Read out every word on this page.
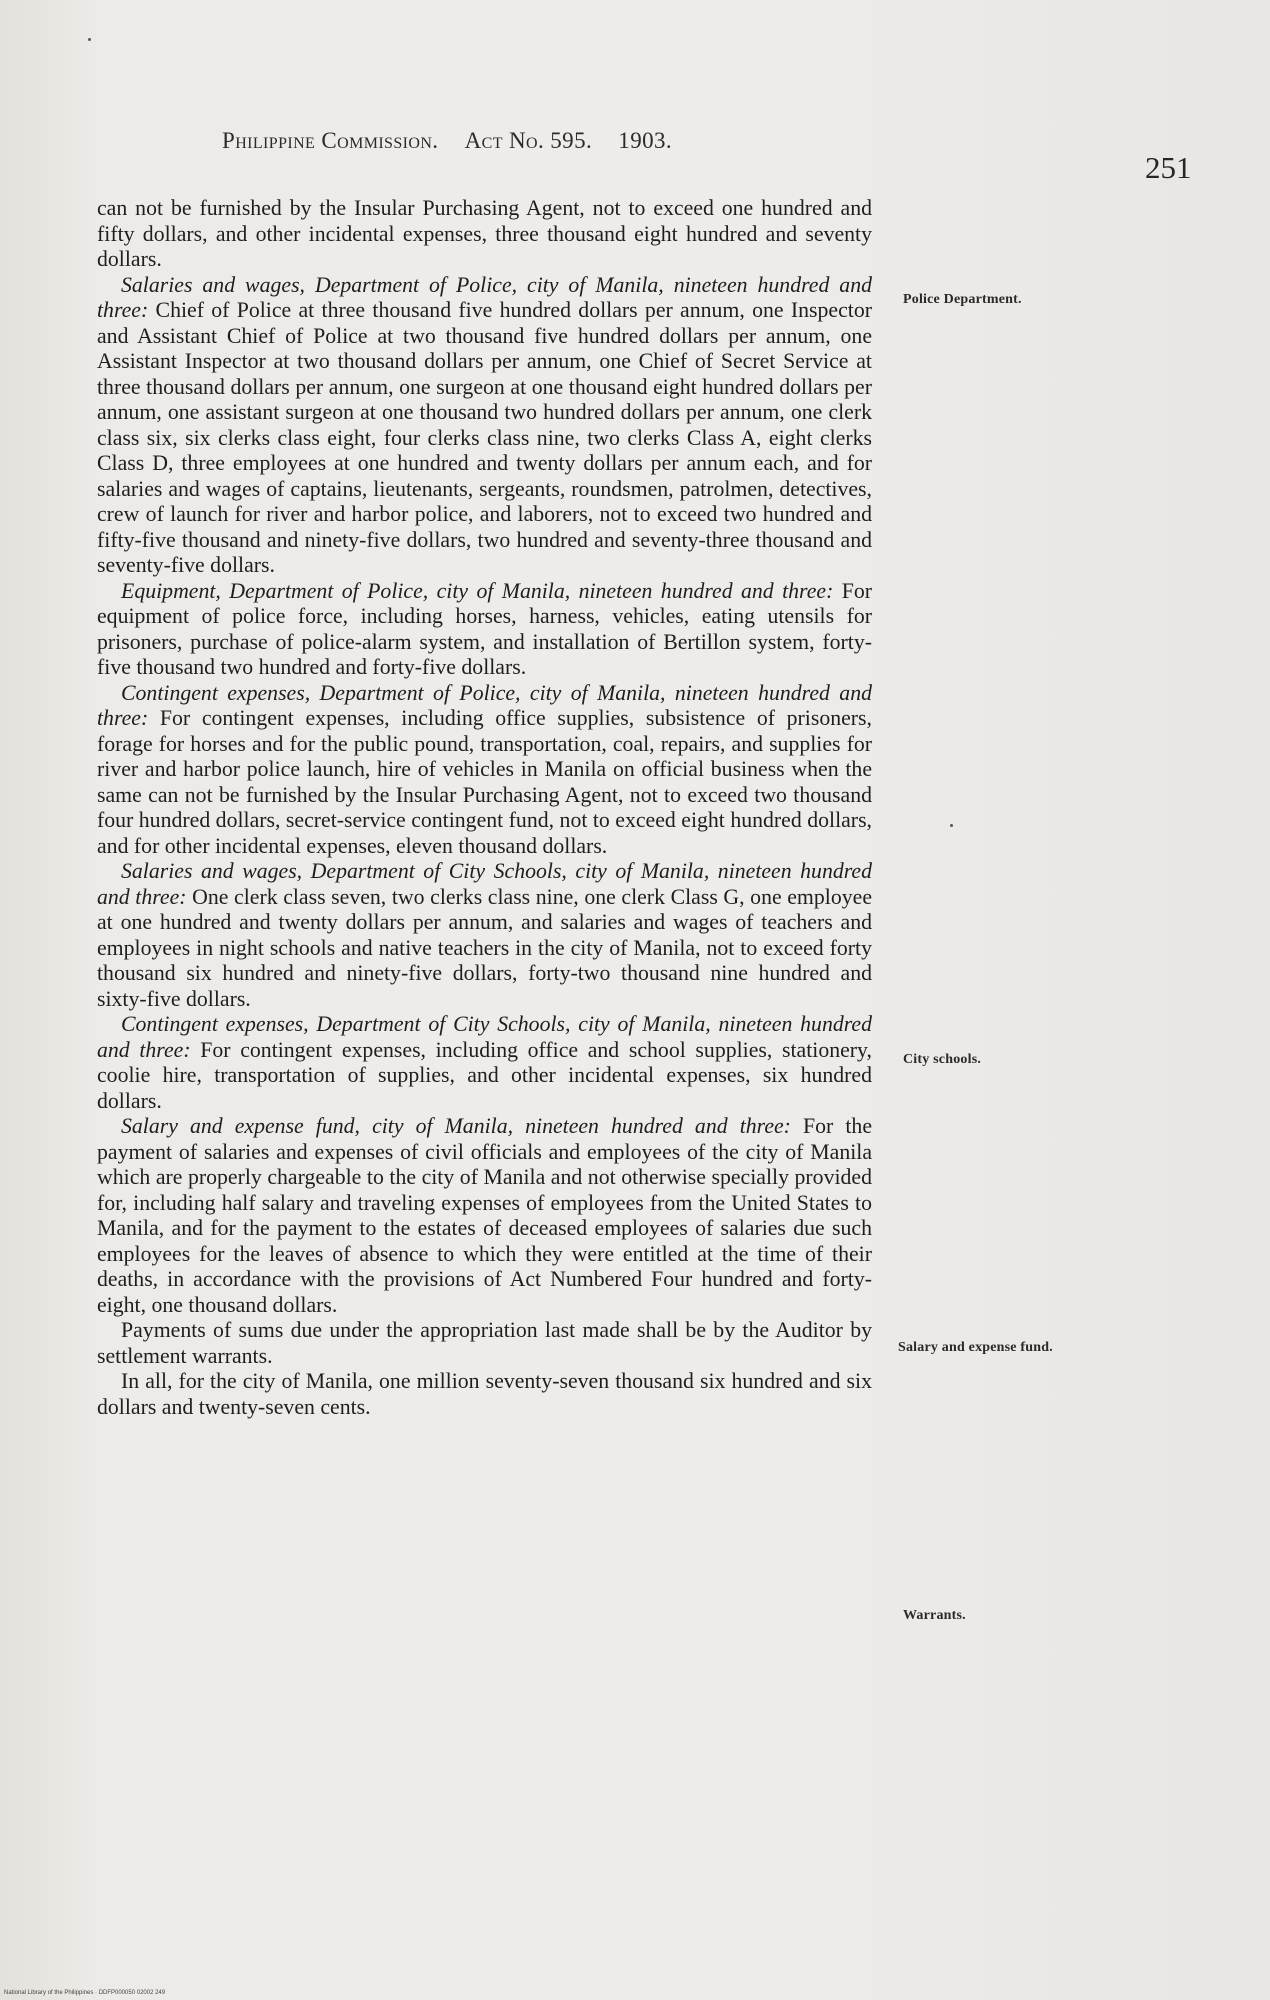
Philippine Commission. Act No. 595. 1903.
251

can not be furnished by the Insular Purchasing Agent, not to exceed one hundred and fifty dollars, and other incidental expenses, three thousand eight hundred and seventy dollars.

Salaries and wages, Department of Police, city of Manila, nineteen hundred and three: Chief of Police at three thousand five hundred dollars per annum, one Inspector and Assistant Chief of Police at two thousand five hundred dollars per annum, one Assistant Inspector at two thousand dollars per annum, one Chief of Secret Service at three thousand dollars per annum, one surgeon at one thousand eight hundred dollars per annum, one assistant surgeon at one thousand two hundred dollars per annum, one clerk class six, six clerks class eight, four clerks class nine, two clerks Class A, eight clerks Class D, three employees at one hundred and twenty dollars per annum each, and for salaries and wages of captains, lieutenants, sergeants, roundsmen, patrolmen, detectives, crew of launch for river and harbor police, and laborers, not to exceed two hundred and fifty-five thousand and ninety-five dollars, two hundred and seventy-three thousand and seventy-five dollars.

Equipment, Department of Police, city of Manila, nineteen hundred and three: For equipment of police force, including horses, harness, vehicles, eating utensils for prisoners, purchase of police-alarm system, and installation of Bertillon system, forty-five thousand two hundred and forty-five dollars.

Contingent expenses, Department of Police, city of Manila, nineteen hundred and three: For contingent expenses, including office supplies, subsistence of prisoners, forage for horses and for the public pound, transportation, coal, repairs, and supplies for river and harbor police launch, hire of vehicles in Manila on official business when the same can not be furnished by the Insular Purchasing Agent, not to exceed two thousand four hundred dollars, secret-service contingent fund, not to exceed eight hundred dollars, and for other incidental expenses, eleven thousand dollars.

Salaries and wages, Department of City Schools, city of Manila, nineteen hundred and three: One clerk class seven, two clerks class nine, one clerk Class G, one employee at one hundred and twenty dollars per annum, and salaries and wages of teachers and employees in night schools and native teachers in the city of Manila, not to exceed forty thousand six hundred and ninety-five dollars, forty-two thousand nine hundred and sixty-five dollars.

Contingent expenses, Department of City Schools, city of Manila, nineteen hundred and three: For contingent expenses, including office and school supplies, stationery, coolie hire, transportation of supplies, and other incidental expenses, six hundred dollars.

Salary and expense fund, city of Manila, nineteen hundred and three: For the payment of salaries and expenses of civil officials and employees of the city of Manila which are properly chargeable to the city of Manila and not otherwise specially provided for, including half salary and traveling expenses of employees from the United States to Manila, and for the payment to the estates of deceased employees of salaries due such employees for the leaves of absence to which they were entitled at the time of their deaths, in accordance with the provisions of Act Numbered Four hundred and forty-eight, one thousand dollars.

Payments of sums due under the appropriation last made shall be by the Auditor by settlement warrants.

In all, for the city of Manila, one million seventy-seven thousand six hundred and six dollars and twenty-seven cents.

Police Department.
City schools.
Salary and expense fund.
Warrants.
National Library of the Philippines · DDFP000050 02002 249
